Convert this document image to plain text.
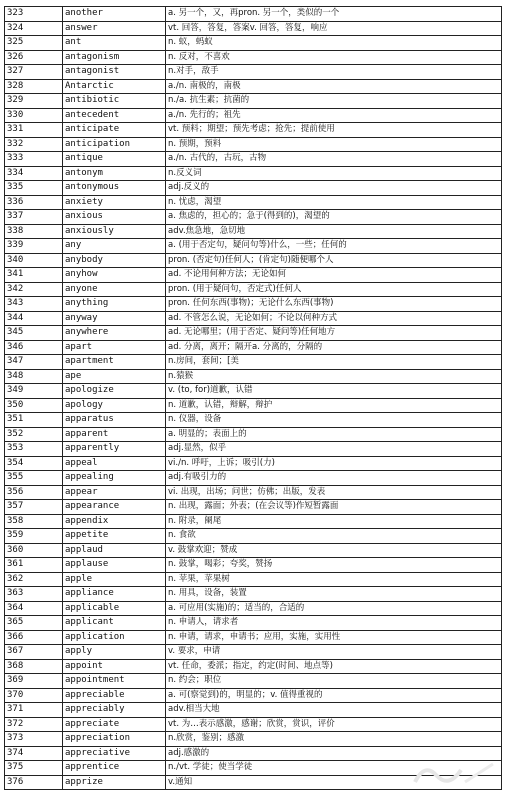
323	another	a. 另一个，又，再pron. 另一个，类似的一个
324	answer	vt. 回答，答复，答案v. 回答，答复，响应
325	ant	n. 蚁，蚂蚁
326	antagonism	n. 反对，不喜欢
327	antagonist	n.对手，敌手
328	Antarctic	a./n. 南极的，南极
329	antibiotic	n./a. 抗生素；抗菌的
330	antecedent	a./n. 先行的；祖先
331	anticipate	vt. 预料；期望；预先考虑；抢先；提前使用
332	anticipation	n. 预期，预料
333	antique	a./n. 古代的，古玩，古物
334	antonym	n.反义词
335	antonymous	adj.反义的
336	anxiety	n. 忧虑，渴望
337	anxious	a. 焦虑的，担心的；急于(得到的)，渴望的
338	anxiously	adv.焦急地，急切地
339	any	a. (用于否定句，疑问句等)什么，一些；任何的
340	anybody	pron. (否定句)任何人；(肯定句)随便哪个人
341	anyhow	ad. 不论用何种方法；无论如何
342	anyone	pron. (用于疑问句，否定式)任何人
343	anything	pron. 任何东西(事物)；无论什么东西(事物)
344	anyway	ad. 不管怎么说，无论如何；不论以何种方式
345	anywhere	ad. 无论哪里；(用于否定、疑问等)任何地方
346	apart	ad. 分离，离开；隔开a. 分离的，分隔的
347	apartment	n.房间，套间；[美
348	ape	n.猿猴
349	apologize	v. (to, for)道歉，认错
350	apology	n. 道歉，认错，辩解，辩护
351	apparatus	n. 仪器，设备
352	apparent	a. 明显的；表面上的
353	apparently	adj.显然，似乎
354	appeal	vi./n. 呼吁，上诉；吸引(力)
355	appealing	adj.有吸引力的
356	appear	vi. 出现，出场；问世；仿佛；出版，发表
357	appearance	n. 出现，露面；外表；(在会议等)作短暂露面
358	appendix	n. 附录，阑尾
359	appetite	n. 食欲
360	applaud	v. 鼓掌欢迎；赞成
361	applause	n. 鼓掌，喝彩；夸奖，赞扬
362	apple	n. 苹果，苹果树
363	appliance	n. 用具，设备，装置
364	applicable	a. 可应用(实施)的；适当的，合适的
365	applicant	n. 申请人，请求者
366	application	n. 申请，请求，申请书；应用，实施，实用性
367	apply	v. 要求，申请
368	appoint	vt. 任命，委派；指定，约定(时间、地点等)
369	appointment	n. 约会；职位
370	appreciable	a. 可(察觉到)的，明显的；v. 值得重视的
371	appreciably	adv.相当大地
372	appreciate	vt. 为…表示感激，感谢；欣赏，赏识，评价
373	appreciation	n.欣赏，鉴别；感激
374	appreciative	adj.感激的
375	apprentice	n./vt. 学徒；使当学徒
376	apprize	v.通知
